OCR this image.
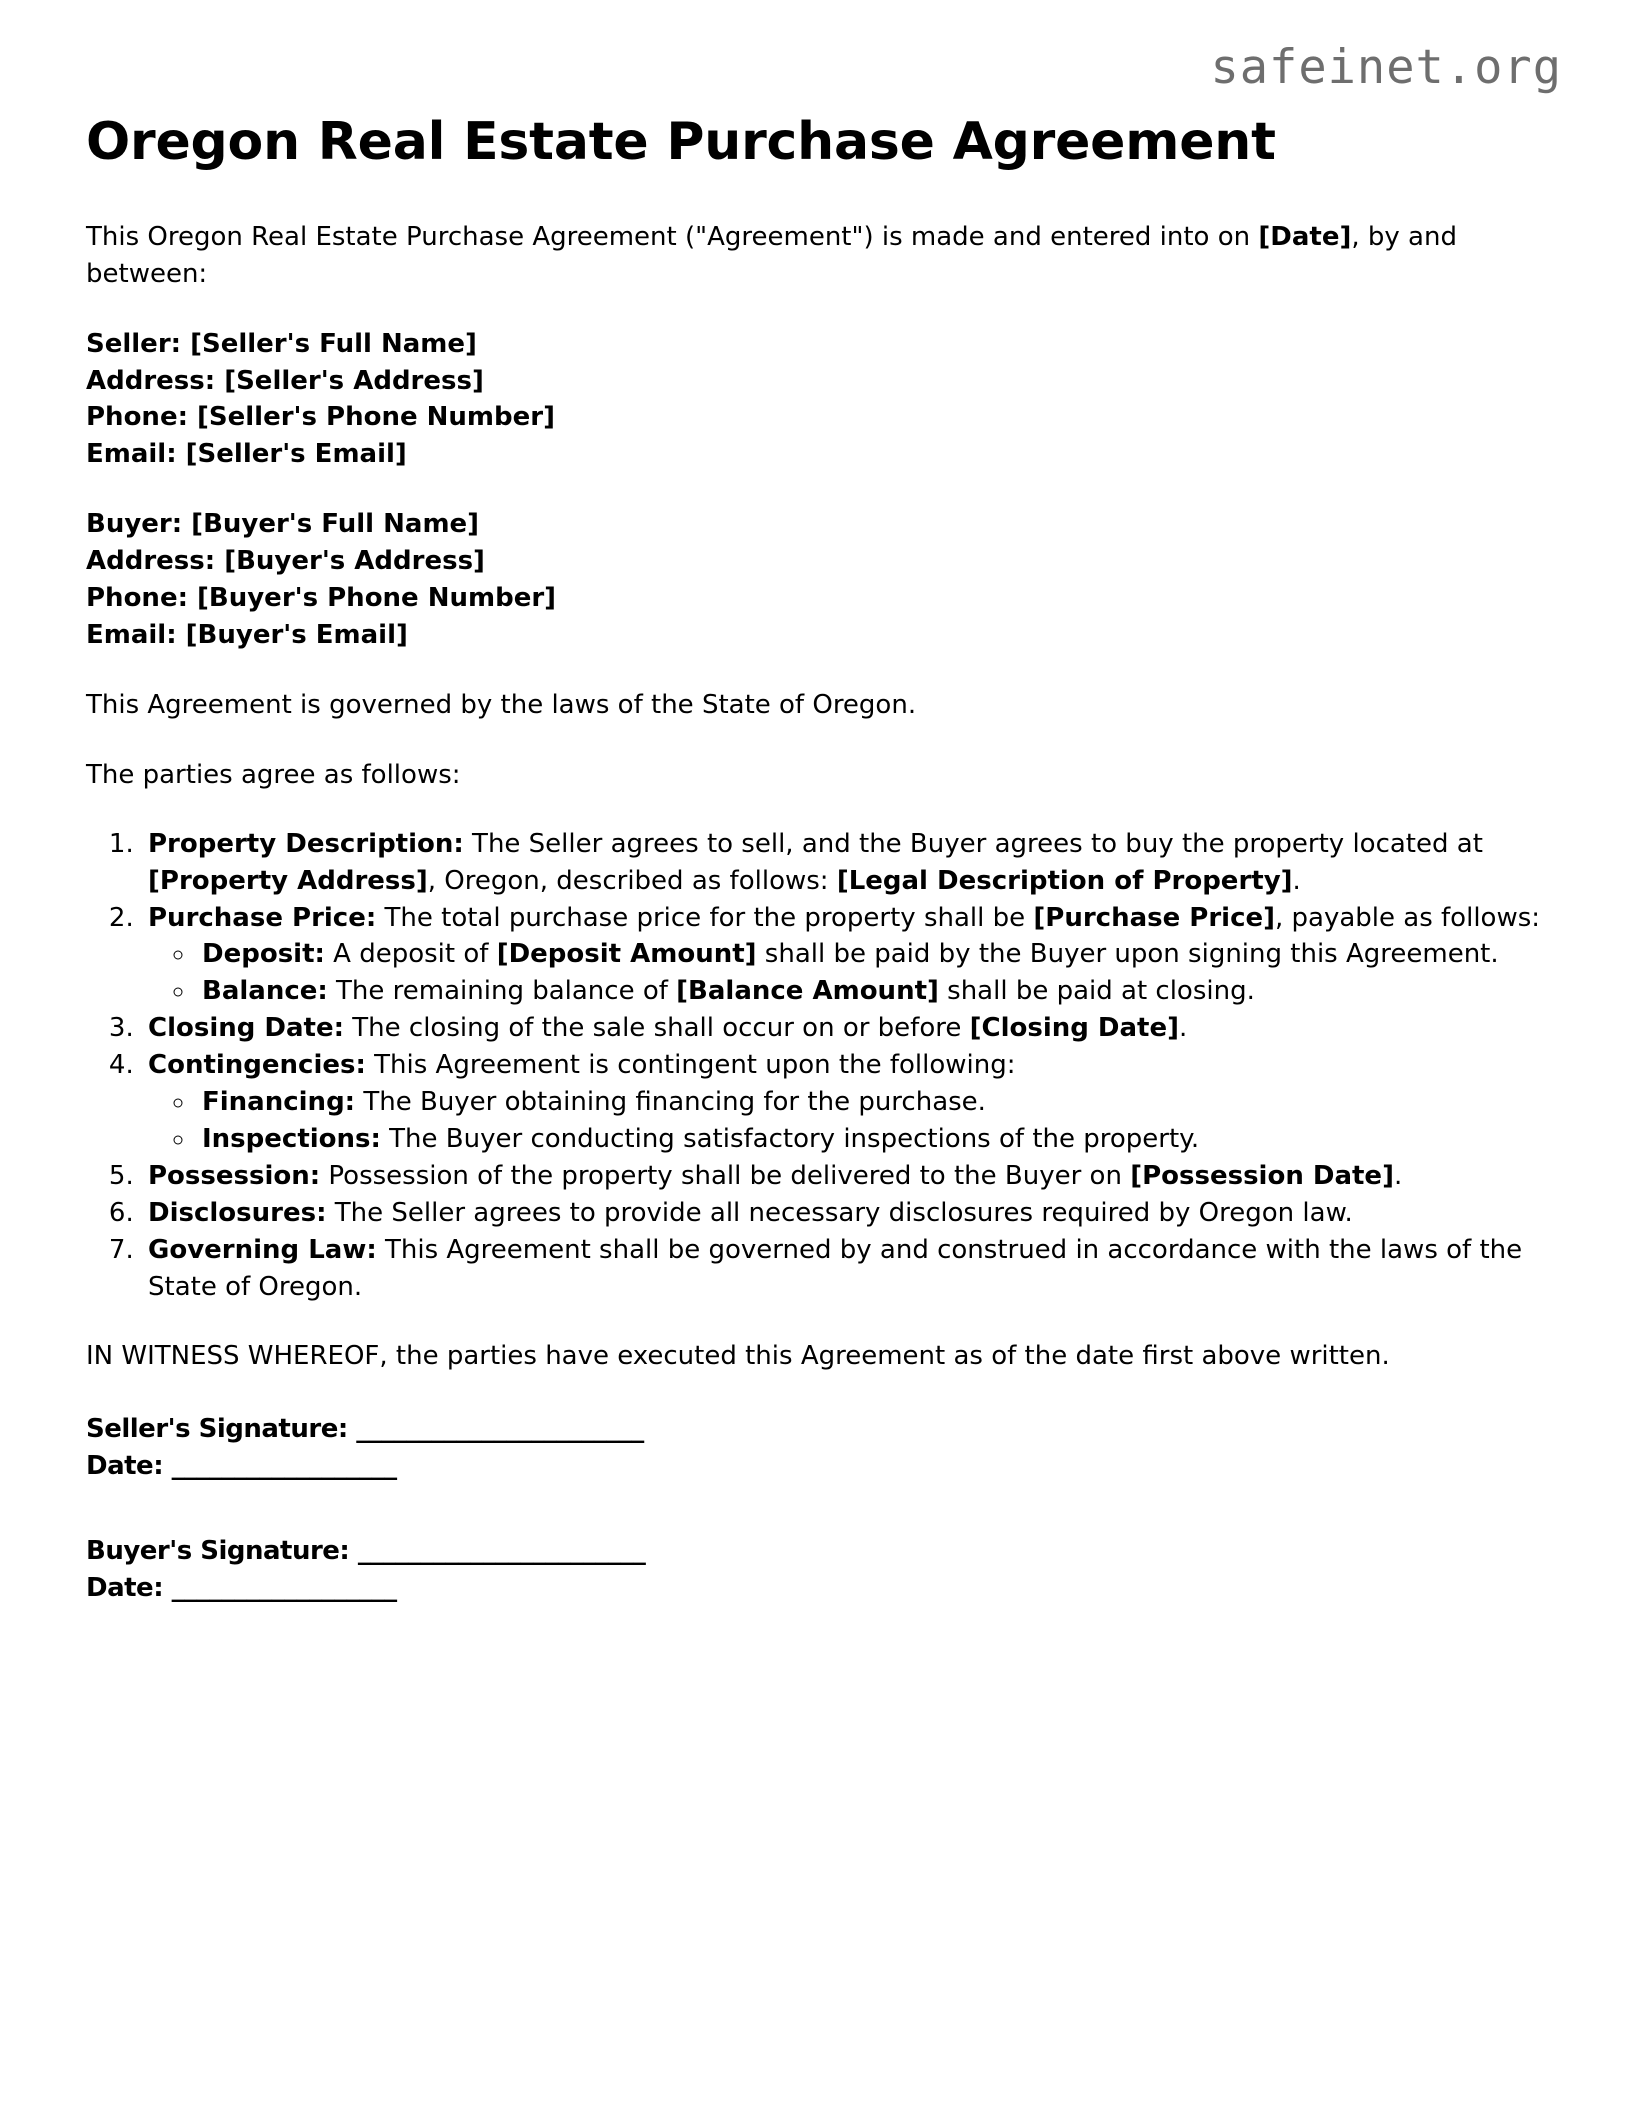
safeinet.org
Oregon Real Estate Purchase Agreement

This Oregon Real Estate Purchase Agreement ("Agreement") is made and entered into on [Date], by and between:

Seller: [Seller's Full Name]
Address: [Seller's Address]
Phone: [Seller's Phone Number]
Email: [Seller's Email]
Buyer: [Buyer's Full Name]
Address: [Buyer's Address]
Phone: [Buyer's Phone Number]
Email: [Buyer's Email]

This Agreement is governed by the laws of the State of Oregon.

The parties agree as follows:

1. Property Description: The Seller agrees to sell, and the Buyer agrees to buy the property located at [Property Address], Oregon, described as follows: [Legal Description of Property].
2. Purchase Price: The total purchase price for the property shall be [Purchase Price], payable as follows:
◦ Deposit: A deposit of [Deposit Amount] shall be paid by the Buyer upon signing this Agreement.
◦ Balance: The remaining balance of [Balance Amount] shall be paid at closing.
3. Closing Date: The closing of the sale shall occur on or before [Closing Date].
4. Contingencies: This Agreement is contingent upon the following:
◦ Financing: The Buyer obtaining financing for the purchase.
◦ Inspections: The Buyer conducting satisfactory inspections of the property.
5. Possession: Possession of the property shall be delivered to the Buyer on [Possession Date].
6. Disclosures: The Seller agrees to provide all necessary disclosures required by Oregon law.
7. Governing Law: This Agreement shall be governed by and construed in accordance with the laws of the State of Oregon.

IN WITNESS WHEREOF, the parties have executed this Agreement as of the date first above written.

Seller's Signature: _______________________
Date: __________________
Buyer's Signature: _______________________
Date: __________________
